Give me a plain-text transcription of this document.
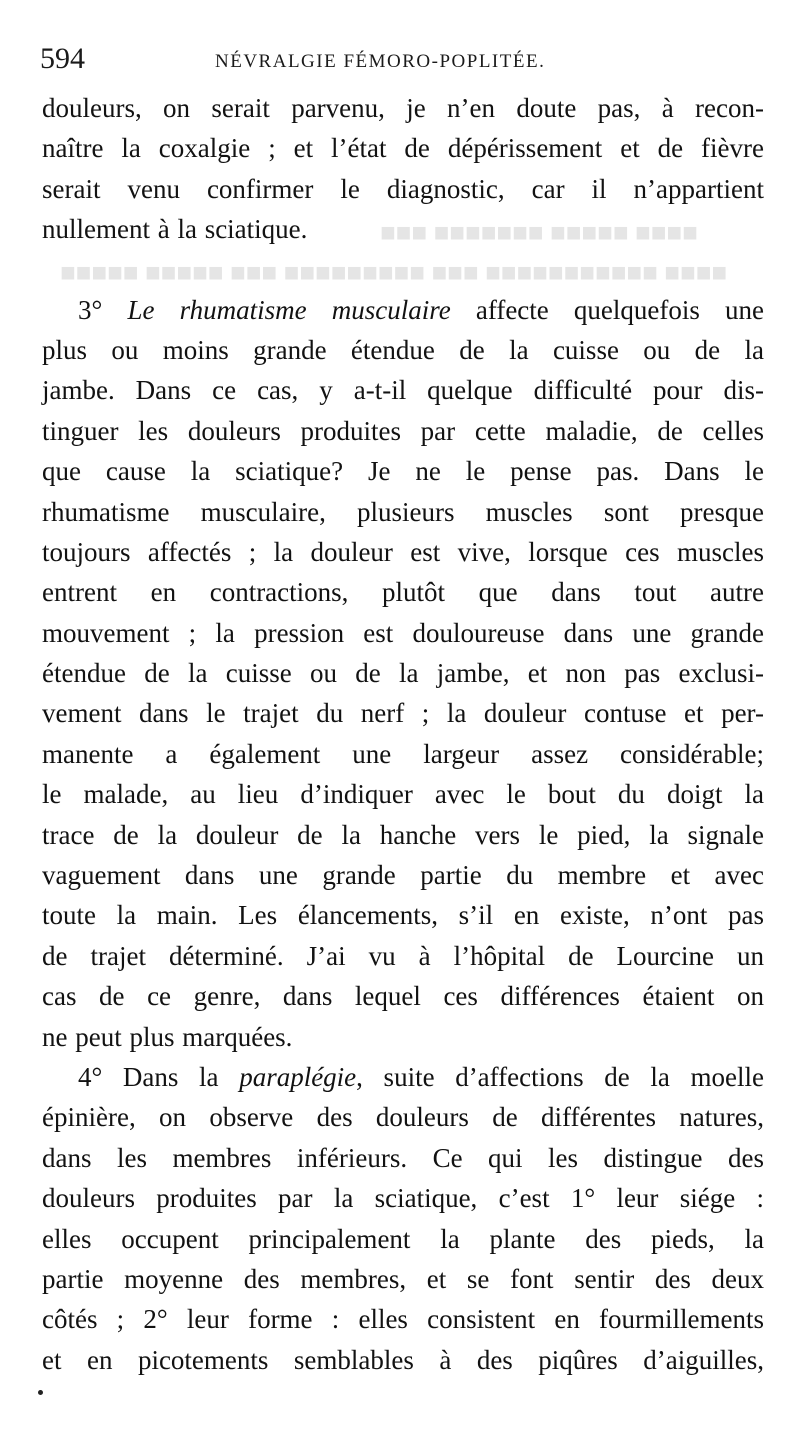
■■■■ ■■■■■ ■■■■■■■ ■■■
■■■■ ■■■■■■■■■■■ ■■■ ■■■■■■■■■ ■■■ ■■■■■ ■■■■■
594	NÉVRALGIE FÉMORO-POPLITÉE.
douleurs, on serait parvenu, je n’en doute pas, à recon-
naître la coxalgie ; et l’état de dépérissement et de fièvre
serait venu confirmer le diagnostic, car il n’appartient
nullement à la sciatique.
3° Le rhumatisme musculaire affecte quelquefois une
plus ou moins grande étendue de la cuisse ou de la
jambe. Dans ce cas, y a-t-il quelque difficulté pour dis-
tinguer les douleurs produites par cette maladie, de celles
que cause la sciatique? Je ne le pense pas. Dans le
rhumatisme musculaire, plusieurs muscles sont presque
toujours affectés ; la douleur est vive, lorsque ces muscles
entrent en contractions, plutôt que dans tout autre
mouvement ; la pression est douloureuse dans une grande
étendue de la cuisse ou de la jambe, et non pas exclusi-
vement dans le trajet du nerf ; la douleur contuse et per-
manente a également une largeur assez considérable;
le malade, au lieu d’indiquer avec le bout du doigt la
trace de la douleur de la hanche vers le pied, la signale
vaguement dans une grande partie du membre et avec
toute la main. Les élancements, s’il en existe, n’ont pas
de trajet déterminé. J’ai vu à l’hôpital de Lourcine un
cas de ce genre, dans lequel ces différences étaient on
ne peut plus marquées.
4° Dans la paraplégie, suite d’affections de la moelle
épinière, on observe des douleurs de différentes natures,
dans les membres inférieurs. Ce qui les distingue des
douleurs produites par la sciatique, c’est 1° leur siége :
elles occupent principalement la plante des pieds, la
partie moyenne des membres, et se font sentir des deux
côtés ; 2° leur forme : elles consistent en fourmillements
et en picotements semblables à des piqûres d’aiguilles,
